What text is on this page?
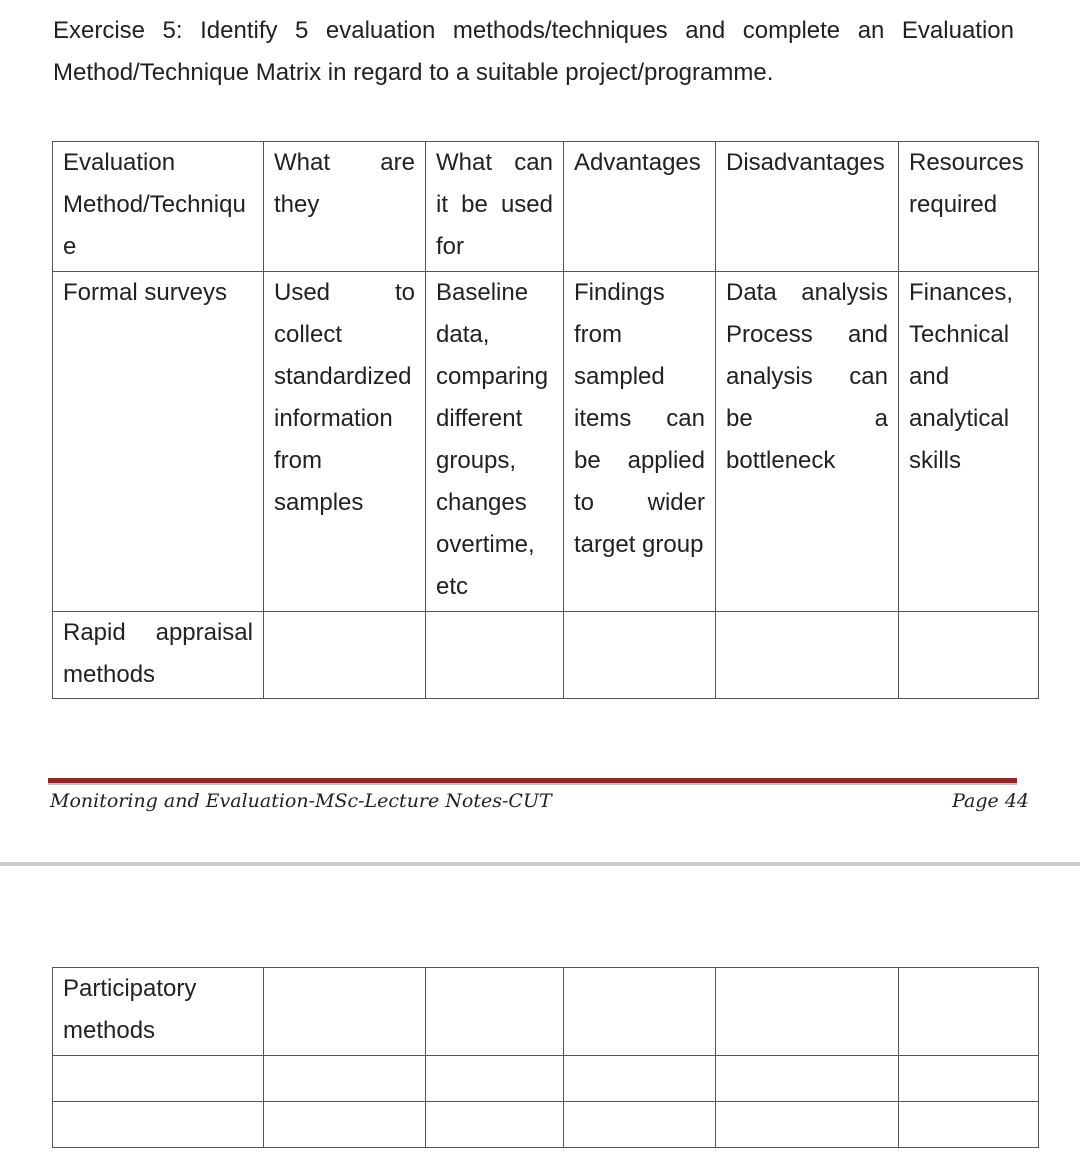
Exercise 5: Identify 5 evaluation methods/techniques and complete an Evaluation Method/Technique Matrix in regard to a suitable project/programme.

Evaluation Method/Techniqu e	What are they	What can it be used for	Advantages	Disadvantages	Resources required

Formal surveys	Used to collect standardized information from samples	Baseline data, comparing different groups, changes overtime, etc	Findings from sampled items can be applied to wider target group	Data analysis Process and analysis can be a bottleneck	Finances, Technical and analytical skills

Rapid appraisal methods					

Monitoring and Evaluation-MSc-Lecture Notes-CUT	Page 44
Participatory methods					
